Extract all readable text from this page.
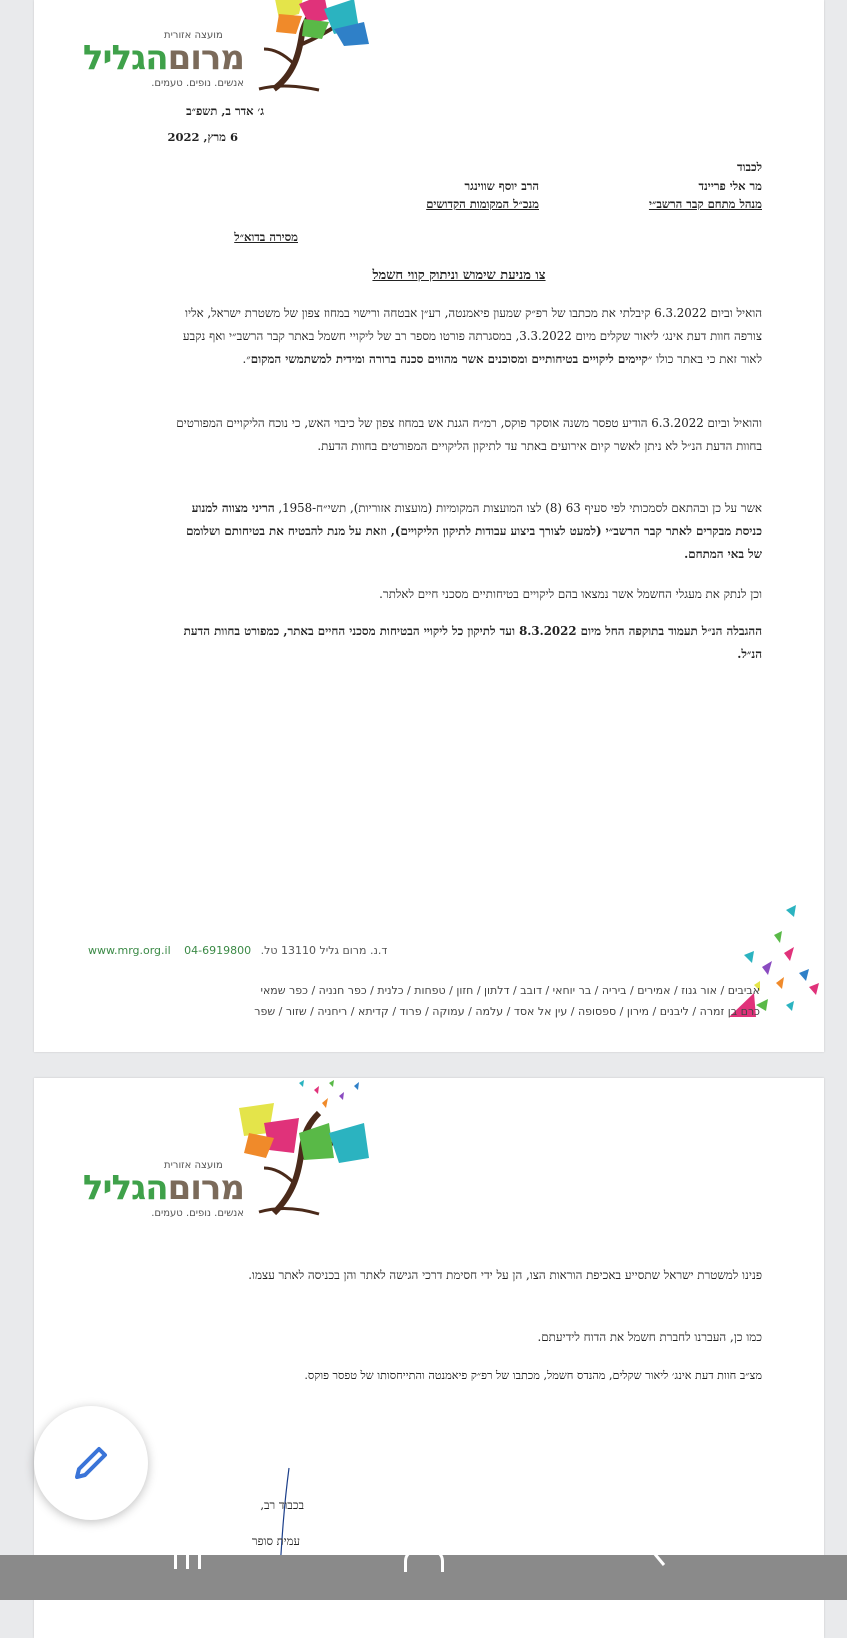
מועצה אזורית
מרוםהגליל
אנשים. נופים. טעמים.
ג׳ אדר ב, תשפ״ב
6 מרץ, 2022
לכבוד
מר אלי פריינד
מנהל מתחם קבר הרשב״י
הרב יוסף שווינגר
מנכ״ל המקומות הקדושים
מסירה בדוא״ל
צו מניעת שימוש וניתוק קווי חשמל
הואיל וביום 6.3.2022 קיבלתי את מכתבו של רפ״ק שמעון פיאמנטה, רע״ן אבטחה ורישוי במחוז צפון של משטרת ישראל, אליו צורפה חוות דעת אינג׳ ליאור שקלים מיום 3.3.2022, במסגרתה פורטו מספר רב של ליקויי חשמל באתר קבר הרשב״י ואף נקבע לאור זאת כי באתר כולו ״קיימים ליקויים בטיחותיים ומסוכנים אשר מהווים סכנה ברורה ומידית למשתמשי המקום״.
והואיל וביום 6.3.2022 הודיע טפסר משנה אוסקר פוקס, רמ״ח הגנת אש במחוז צפון של כיבוי האש, כי נוכח הליקויים המפורטים בחוות הדעת הנ״ל לא ניתן לאשר קיום אירועים באתר עד לתיקון הליקויים המפורטים בחוות הדעת.
אשר על כן ובהתאם לסמכותי לפי סעיף 63 (8) לצו המועצות המקומיות (מועצות אזוריות), תשי״ח-1958, הריני מצווה למנוע כניסת מבקרים לאתר קבר הרשב״י (למעט לצורך ביצוע עבודות לתיקון הליקויים), וזאת על מנת להבטיח את בטיחותם ושלומם של באי המתחם.
וכן לנתק את מעגלי החשמל אשר נמצאו בהם ליקויים בטיחותיים מסכני חיים לאלתר.
ההגבלה הנ״ל תעמוד בתוקפה החל מיום 8.3.2022 ועד לתיקון כל ליקויי הבטיחות מסכני החיים באתר, כמפורט בחוות הדעת הנ״ל.
www.mrg.org.il 04-6919800 ד.נ. מרום גליל 13110 טל.
אביבים / אור גנוז / אמירים / ביריה / בר יוחאי / דובב / דלתון / חזון / טפחות / כלנית / כפר חנניה / כפר שמאי
כרם בן זמרה / ליבנים / מירון / ספסופה / עין אל אסד / עלמה / עמוקה / פרוד / קדיתא / ריחניה / שזור / שפר
מועצה אזורית
מרוםהגליל
אנשים. נופים. טעמים.
פנינו למשטרת ישראל שתסייע באכיפת הוראות הצו, הן על ידי חסימת דרכי הגישה לאתר והן בכניסה לאתר עצמו.
כמו כן, העברנו לחברת חשמל את הדוח לידיעתם.
מצ״ב חוות דעת אינג׳ ליאור שקלים, מהנדס חשמל, מכתבו של רפ״ק פיאמנטה והתייחסותו של טפסר פוקס.
בכבוד רב,
עמית סופר
